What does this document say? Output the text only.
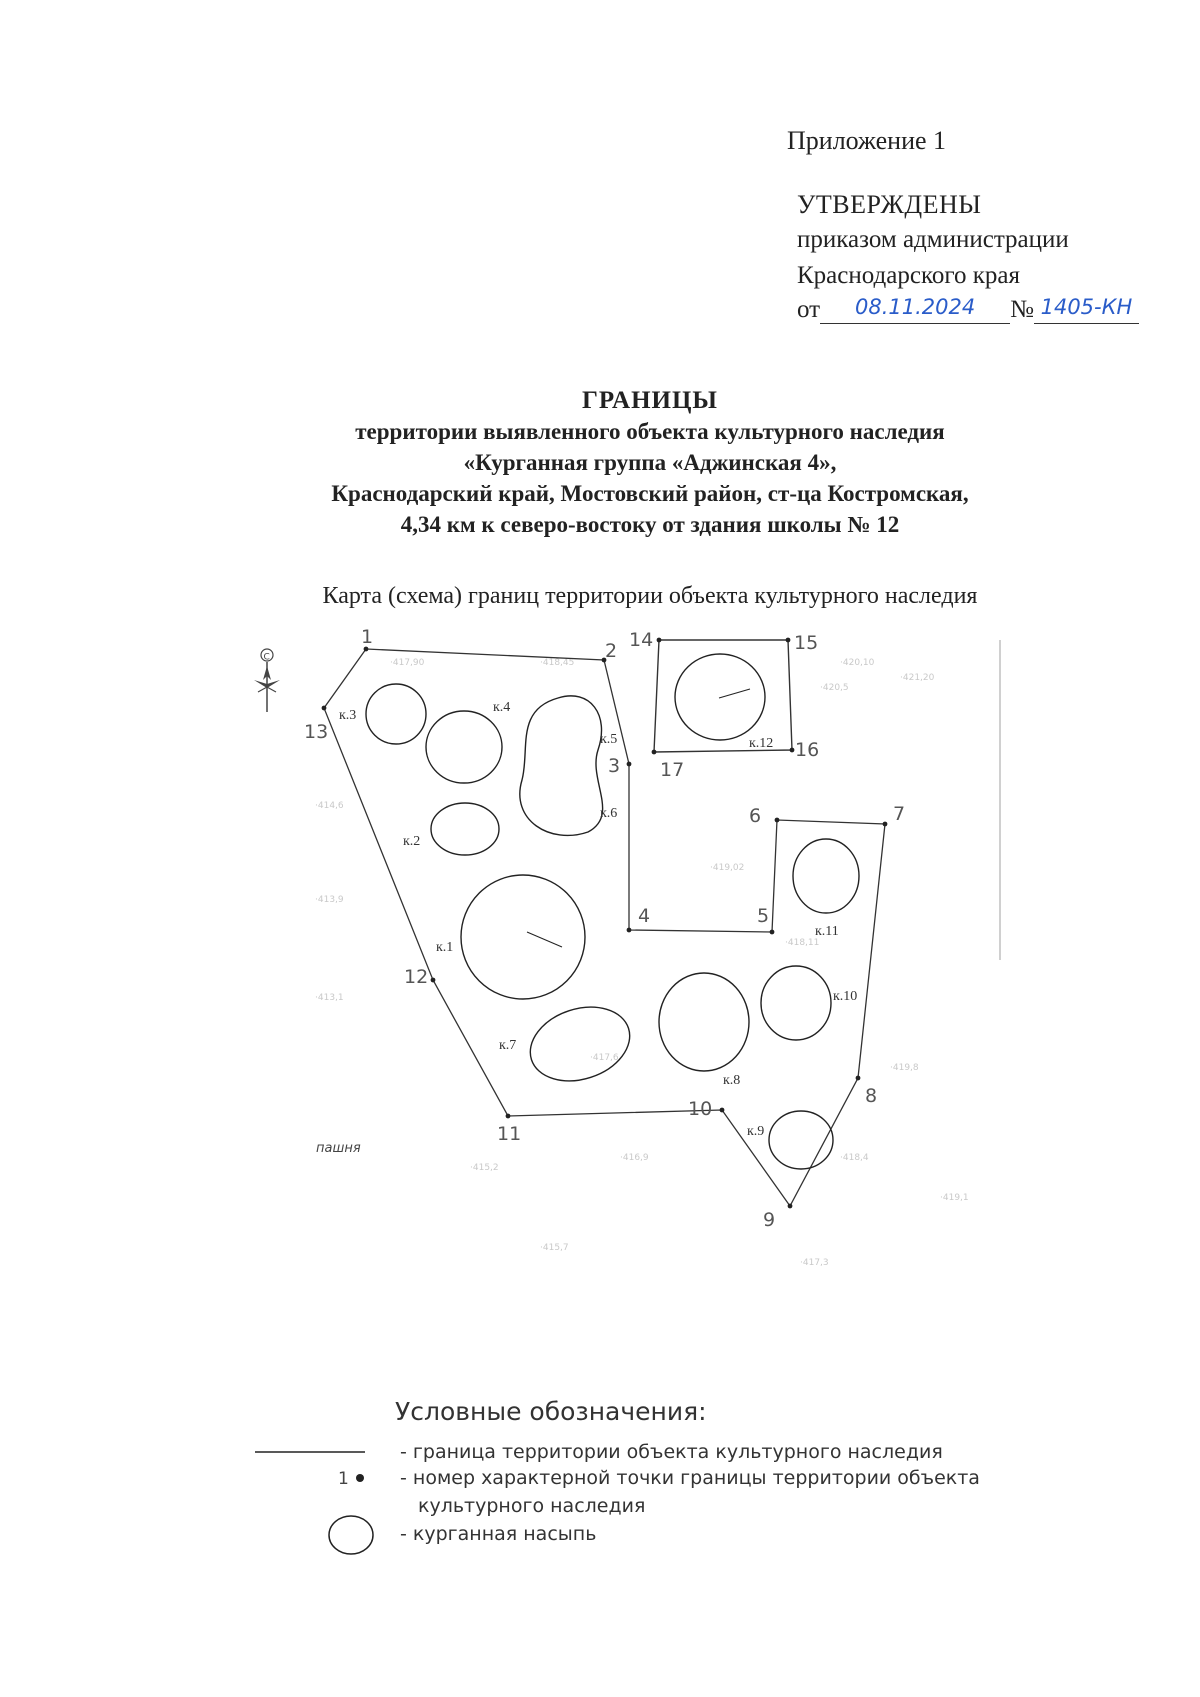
Приложение 1
УТВЕРЖДЕНЫ
приказом администрации
Краснодарского края
от 08.11.2024 № 1405-КН
ГРАНИЦЫ
территории выявленного объекта культурного наследия
«Курганная группа «Аджинская 4»,
Краснодарский край, Мостовский район, ст-ца Костромская,
4,34 км к северо-востоку от здания школы № 12
Карта (схема) границ территории объекта культурного наследия
С
·417,90	·418,45	·420,10
·421,20
·414,6
·413,9
·413,1
·417,6
·419,8
·415,2
·416,9	·418,4
·419,1
·415,7
·417,3
·419,02
·418,11
·420,5
1
2
3
4	5
6	7
8
9
10
11
12
13
14	15
16
17
к.1
к.2
к.3
к.4
к.5
к.6
к.7
к.8
к.9
к.10
к.11
к.12
пашня
Условные обозначения:
1
- граница территории объекта культурного наследия
- номер характерной точки границы территории объекта
культурного наследия
- курганная насыпь
